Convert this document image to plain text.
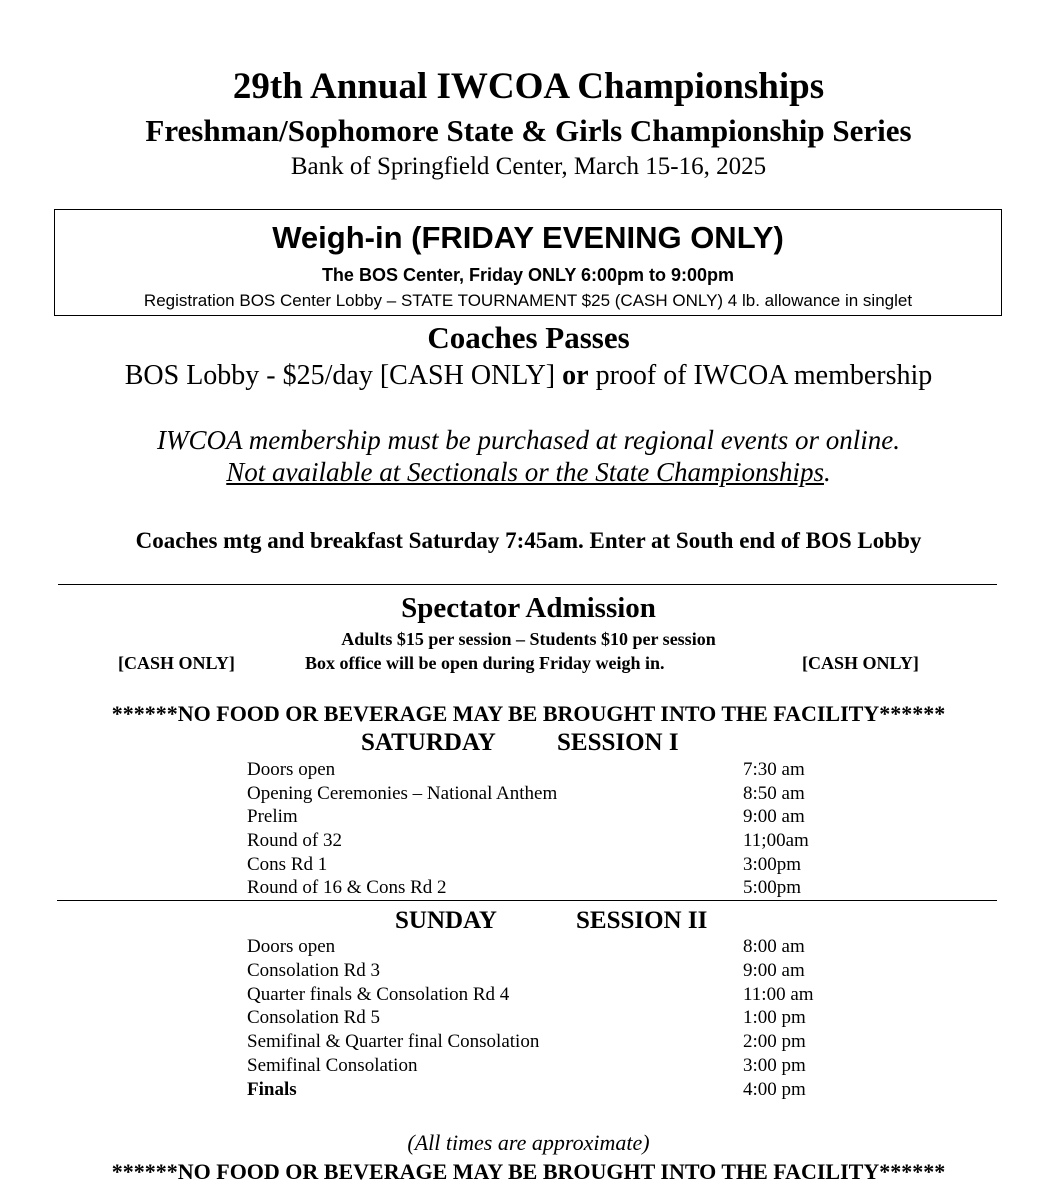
29th Annual IWCOA Championships
Freshman/Sophomore State & Girls Championship Series
Bank of Springfield Center, March 15-16, 2025
Weigh-in (FRIDAY EVENING ONLY)
The BOS Center, Friday ONLY 6:00pm to 9:00pm
Registration BOS Center Lobby – STATE TOURNAMENT $25 (CASH ONLY) 4 lb. allowance in singlet
Coaches Passes
BOS Lobby - $25/day [CASH ONLY] or proof of IWCOA membership
IWCOA membership must be purchased at regional events or online.
Not available at Sectionals or the State Championships.
Coaches mtg and breakfast Saturday 7:45am. Enter at South end of BOS Lobby
Spectator Admission
Adults $15 per session – Students $10 per session
[CASH ONLY]	Box office will be open during Friday weigh in.	[CASH ONLY]
******NO FOOD OR BEVERAGE MAY BE BROUGHT INTO THE FACILITY******
SATURDAY SESSION I
Doors open	7:30 am
Opening Ceremonies – National Anthem	8:50 am
Prelim	9:00 am
Round of 32	11;00am
Cons Rd 1	3:00pm
Round of 16 & Cons Rd 2	5:00pm
SUNDAY	SESSION II
Doors open	8:00 am
Consolation Rd 3	9:00 am
Quarter finals & Consolation Rd 4	11:00 am
Consolation Rd 5	1:00 pm
Semifinal & Quarter final Consolation	2:00 pm
Semifinal Consolation	3:00 pm
Finals	4:00 pm
(All times are approximate)
******NO FOOD OR BEVERAGE MAY BE BROUGHT INTO THE FACILITY******
